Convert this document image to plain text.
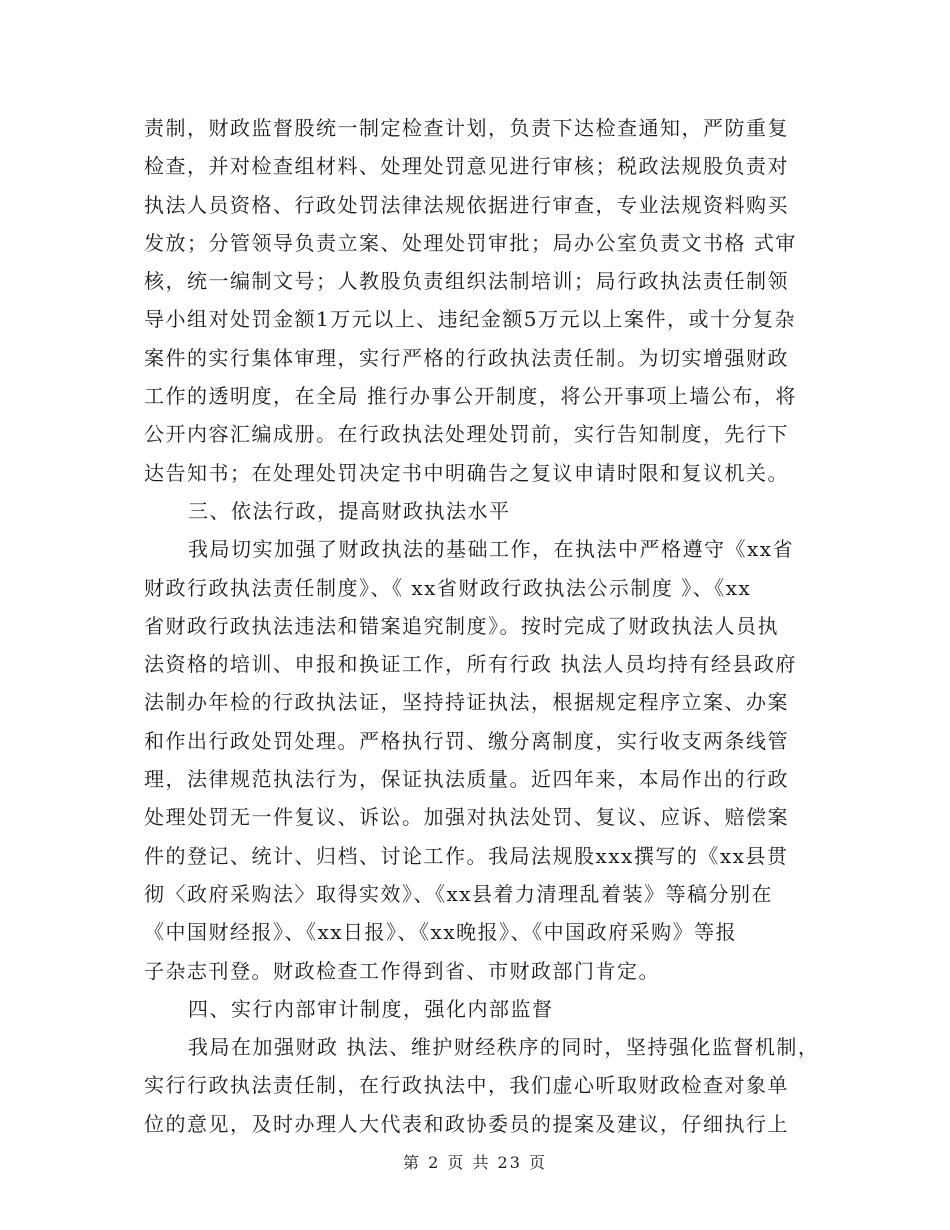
责制，财政监督股统一制定检查计划，负责下达检查通知，严防重复
检查，并对检查组材料、处理处罚意见进行审核；税政法规股负责对
执法人员资格、行政处罚法律法规依据进行审查，专业法规资料购买
发放；分管领导负责立案、处理处罚审批；局办公室负责文书格 式审
核，统一编制文号；人教股负责组织法制培训；局行政执法责任制领
导小组对处罚金额1万元以上、违纪金额5万元以上案件，或十分复杂
案件的实行集体审理，实行严格的行政执法责任制。为切实增强财政
工作的透明度，在全局 推行办事公开制度，将公开事项上墙公布，将
公开内容汇编成册。在行政执法处理处罚前，实行告知制度，先行下
达告知书；在处理处罚决定书中明确告之复议申请时限和复议机关。
三、依法行政，提高财政执法水平
我局切实加强了财政执法的基础工作，在执法中严格遵守《xx省
财政行政执法责任制度》、《 xx省财政行政执法公示制度 》、《xx
省财政行政执法违法和错案追究制度》。按时完成了财政执法人员执
法资格的培训、申报和换证工作，所有行政 执法人员均持有经县政府
法制办年检的行政执法证，坚持持证执法，根据规定程序立案、办案
和作出行政处罚处理。严格执行罚、缴分离制度，实行收支两条线管
理，法律规范执法行为，保证执法质量。近四年来，本局作出的行政
处理处罚无一件复议、诉讼。加强对执法处罚、复议、应诉、赔偿案
件的登记、统计、归档、讨论工作。我局法规股xxx撰写的《xx县贯
彻〈政府采购法〉取得实效》、《xx县着力清理乱着装》等稿分别在
《中国财经报》、《xx日报》、《xx晚报》、《中国政府采购》等报
子杂志刊登。财政检查工作得到省、市财政部门肯定。
四、实行内部审计制度，强化内部监督
我局在加强财政 执法、维护财经秩序的同时，坚持强化监督机制，
实行行政执法责任制，在行政执法中，我们虚心听取财政检查对象单
位的意见，及时办理人大代表和政协委员的提案及建议，仔细执行上
第 2 页 共 23 页
